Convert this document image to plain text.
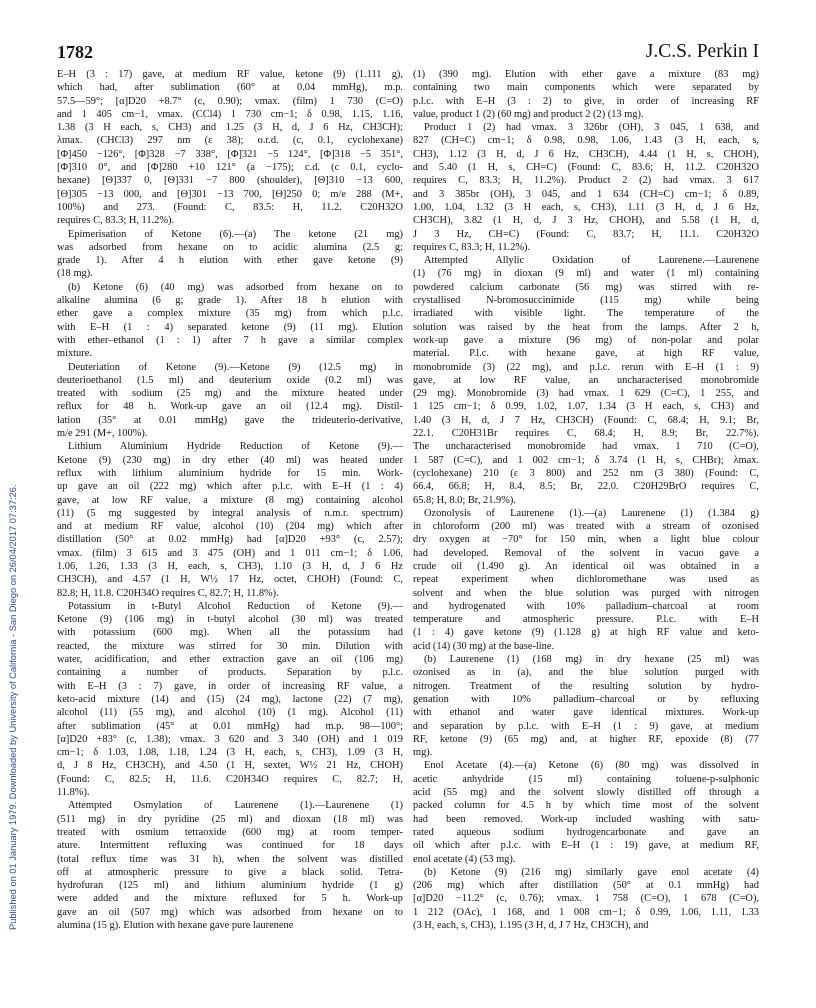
1782	J.C.S. Perkin I
Published on 01 January 1979. Downloaded by University of California - San Diego on 26/04/2017 07:37:26.
E–H (3 : 17) gave, at medium RF value, ketone (9) (1.111 g),
which had, after sublimation (60° at 0.04 mmHg), m.p.
57.5—59°; [α]D20 +8.7° (c, 0.90); νmax. (film) 1 730 (C=O)
and 1 405 cm−1, νmax. (CCl4) 1 730 cm−1; δ 0.98, 1.15, 1.16,
1.38 (3 H each, s, CH3) and 1.25 (3 H, d, J 6 Hz, CH3CH);
λmax. (CHCl3) 297 nm (ε 38); o.r.d. (c, 0.1, cyclohexane)
[Φ]450 −126°, [Φ]328 −7 338°, [Φ]321 −5 124°, [Φ]318 −5 351°,
[Φ]310 0°, and [Φ]280 +10 121° (a −175); c.d. (c 0.1, cyclo-
hexane) [Θ]337 0, [Θ]331 −7 800 (shoulder), [Θ]310 −13 600,
[Θ]305 −13 000, and [Θ]301 −13 700, [Θ]250 0; m/e 288 (M+,
100%) and 273. (Found: C, 83.5: H, 11.2. C20H32O
requires C, 83.3; H, 11.2%).
Epimerisation of Ketone (6).—(a) The ketone (21 mg)
was adsorbed from hexane on to acidic alumina (2.5 g;
grade 1). After 4 h elution with ether gave ketone (9)
(18 mg).
(b) Ketone (6) (40 mg) was adsorbed from hexane on to
alkaline alumina (6 g; grade 1). After 18 h elution with
ether gave a complex mixture (35 mg) from which p.l.c.
with E–H (1 : 4) separated ketone (9) (11 mg). Elution
with ether–ethanol (1 : 1) after 7 h gave a similar complex
mixture.
Deuteriation of Ketone (9).—Ketone (9) (12.5 mg) in
deuterioethanol (1.5 ml) and deuterium oxide (0.2 ml) was
treated with sodium (25 mg) and the mixture heated under
reflux for 48 h. Work-up gave an oil (12.4 mg). Distil-
lation (35° at 0.01 mmHg) gave the trideuterio-derivative,
m/e 291 (M+, 100%).
Lithium Aluminium Hydride Reduction of Ketone (9).—
Ketone (9) (230 mg) in dry ether (40 ml) was heated under
reflux with lithium aluminium hydride for 15 min. Work-
up gave an oil (222 mg) which after p.l.c. with E–H (1 : 4)
gave, at low RF value, a mixture (8 mg) containing alcohol
(11) (5 mg suggested by integral analysis of n.m.r. spectrum)
and at medium RF value, alcohol (10) (204 mg) which after
distillation (50° at 0.02 mmHg) had [α]D20 +93° (c, 2.57);
νmax. (film) 3 615 and 3 475 (OH) and 1 011 cm−1; δ 1.06,
1.06, 1.26, 1.33 (3 H, each, s, CH3), 1.10 (3 H, d, J 6 Hz
CH3CH), and 4.57 (1 H, W½ 17 Hz, octet, CHOH) (Found: C,
82.8; H, 11.8. C20H34O requires C, 82.7; H, 11.8%).
Potassium in t-Butyl Alcohol Reduction of Ketone (9).—
Ketone (9) (106 mg) in t-butyl alcohol (30 ml) was treated
with potassium (600 mg). When all the potassium had
reacted, the mixture was stirred for 30 min. Dilution with
water, acidification, and ether extraction gave an oil (106 mg)
containing a number of products. Separation by p.l.c.
with E–H (3 : 7) gave, in order of increasing RF value, a
keto-acid mixture (14) and (15) (24 mg), lactone (22) (7 mg),
alcohol (11) (55 mg), and alcohol (10) (1 mg). Alcohol (11)
after sublimation (45° at 0.01 mmHg) had m.p. 98—100°;
[α]D20 +83° (c, 1.38); νmax. 3 620 and 3 340 (OH) and 1 019
cm−1; δ 1.03, 1.08, 1.18, 1.24 (3 H, each, s, CH3), 1.09 (3 H,
d, J 8 Hz, CH3CH), and 4.50 (1 H, sextet, W½ 21 Hz, CHOH)
(Found: C, 82.5; H, 11.6. C20H34O requires C, 82.7; H,
11.8%).
Attempted Osmylation of Laurenene (1).—Laurenene (1)
(511 mg) in dry pyridine (25 ml) and dioxan (18 ml) was
treated with osmium tetraoxide (600 mg) at room temper-
ature. Intermittent refluxing was continued for 18 days
(total reflux time was 31 h), when the solvent was distilled
off at atmospheric pressure to give a black solid. Tetra-
hydrofuran (125 ml) and lithium aluminium hydride (1 g)
were added and the mixture refluxed for 5 h. Work-up
gave an oil (507 mg) which was adsorbed from hexane on to
alumina (15 g). Elution with hexane gave pure laurenene
(1) (390 mg). Elution with ether gave a mixture (83 mg)
containing two main components which were separated by
p.l.c. with E–H (3 : 2) to give, in order of increasing RF
value, product 1 (2) (60 mg) and product 2 (2) (13 mg).
Product 1 (2) had νmax. 3 326br (OH), 3 045, 1 638, and
827 (CH=C) cm−1; δ 0.98, 0.98, 1.06, 1.43 (3 H, each, s,
CH3), 1.12 (3 H, d, J 6 Hz, CH3CH), 4.44 (1 H, s, CHOH),
and 5.40 (1 H, s, CH=C) (Found: C, 83.6; H, 11.2. C20H32O
requires C, 83.3; H, 11.2%). Product 2 (2) had νmax. 3 617
and 3 385br (OH), 3 045, and 1 634 (CH=C) cm−1; δ 0.89,
1.00, 1.04, 1.32 (3 H each, s, CH3), 1.11 (3 H, d, J 6 Hz,
CH3CH), 3.82 (1 H, d, J 3 Hz, CHOH), and 5.58 (1 H, d,
J 3 Hz, CH=C) (Found: C, 83.7; H, 11.1. C20H32O
requires C, 83.3; H, 11.2%).
Attempted Allylic Oxidation of Laurenene.—Laurenene
(1) (76 mg) in dioxan (9 ml) and water (1 ml) containing
powdered calcium carbonate (56 mg) was stirred with re-
crystallised N-bromosuccinimide (115 mg) while being
irradiated with visible light. The temperature of the
solution was raised by the heat from the lamps. After 2 h,
work-up gave a mixture (96 mg) of non-polar and polar
material. P.l.c. with hexane gave, at high RF value,
monobromide (3) (22 mg), and p.l.c. rerun with E–H (1 : 9)
gave, at low RF value, an uncharacterised monobromide
(29 mg). Monobromide (3) had νmax. 1 629 (C=C), 1 255, and
1 125 cm−1; δ 0.99, 1.02, 1.07, 1.34 (3 H each, s, CH3) and
1.40 (3 H, d, J 7 Hz, CH3CH) (Found: C, 68.4; H, 9.1; Br,
22.1. C20H31Br requires C, 68.4; H, 8.9; Br, 22.7%).
The uncharacterised monobromide had νmax. 1 710 (C=O),
1 587 (C=C), and 1 002 cm−1; δ 3.74 (1 H, s, CHBr); λmax.
(cyclohexane) 210 (ε 3 800) and 252 nm (3 380) (Found: C,
66.4, 66.8; H, 8.4, 8.5; Br, 22.0. C20H29BrO requires C,
65.8; H, 8.0; Br, 21.9%).
Ozonolysis of Laurenene (1).—(a) Laurenene (1) (1.384 g)
in chloroform (200 ml) was treated with a stream of ozonised
dry oxygen at −70° for 150 min, when a light blue colour
had developed. Removal of the solvent in vacuo gave a
crude oil (1.490 g). An identical oil was obtained in a
repeat experiment when dichloromethane was used as
solvent and when the blue solution was purged with nitrogen
and hydrogenated with 10% palladium–charcoal at room
temperature and atmospheric pressure. P.l.c. with E–H
(1 : 4) gave ketone (9) (1.128 g) at high RF value and keto-
acid (14) (30 mg) at the base-line.
(b) Laurenene (1) (168 mg) in dry hexane (25 ml) was
ozonised as in (a), and the blue solution purged with
nitrogen. Treatment of the resulting solution by hydro-
genation with 10% palladium–charcoal or by refluxing
with ethanol and water gave identical mixtures. Work-up
and separation by p.l.c. with E–H (1 : 9) gave, at medium
RF, ketone (9) (65 mg) and, at higher RF, epoxide (8) (77
mg).
Enol Acetate (4).—(a) Ketone (6) (80 mg) was dissolved in
acetic anhydride (15 ml) containing toluene-p-sulphonic
acid (55 mg) and the solvent slowly distilled off through a
packed column for 4.5 h by which time most of the solvent
had been removed. Work-up included washing with satu-
rated aqueous sodium hydrogencarbonate and gave an
oil which after p.l.c. with E–H (1 : 19) gave, at medium RF,
enol acetate (4) (53 mg).
(b) Ketone (9) (216 mg) similarly gave enol acetate (4)
(206 mg) which after distillation (50° at 0.1 mmHg) had
[α]D20 −11.2° (c, 0.76); νmax. 1 758 (C=O), 1 678 (C=O),
1 212 (OAc), 1 168, and 1 008 cm−1; δ 0.99, 1.06, 1.11, 1.33
(3 H, each, s, CH3), 1.195 (3 H, d, J 7 Hz, CH3CH), and
